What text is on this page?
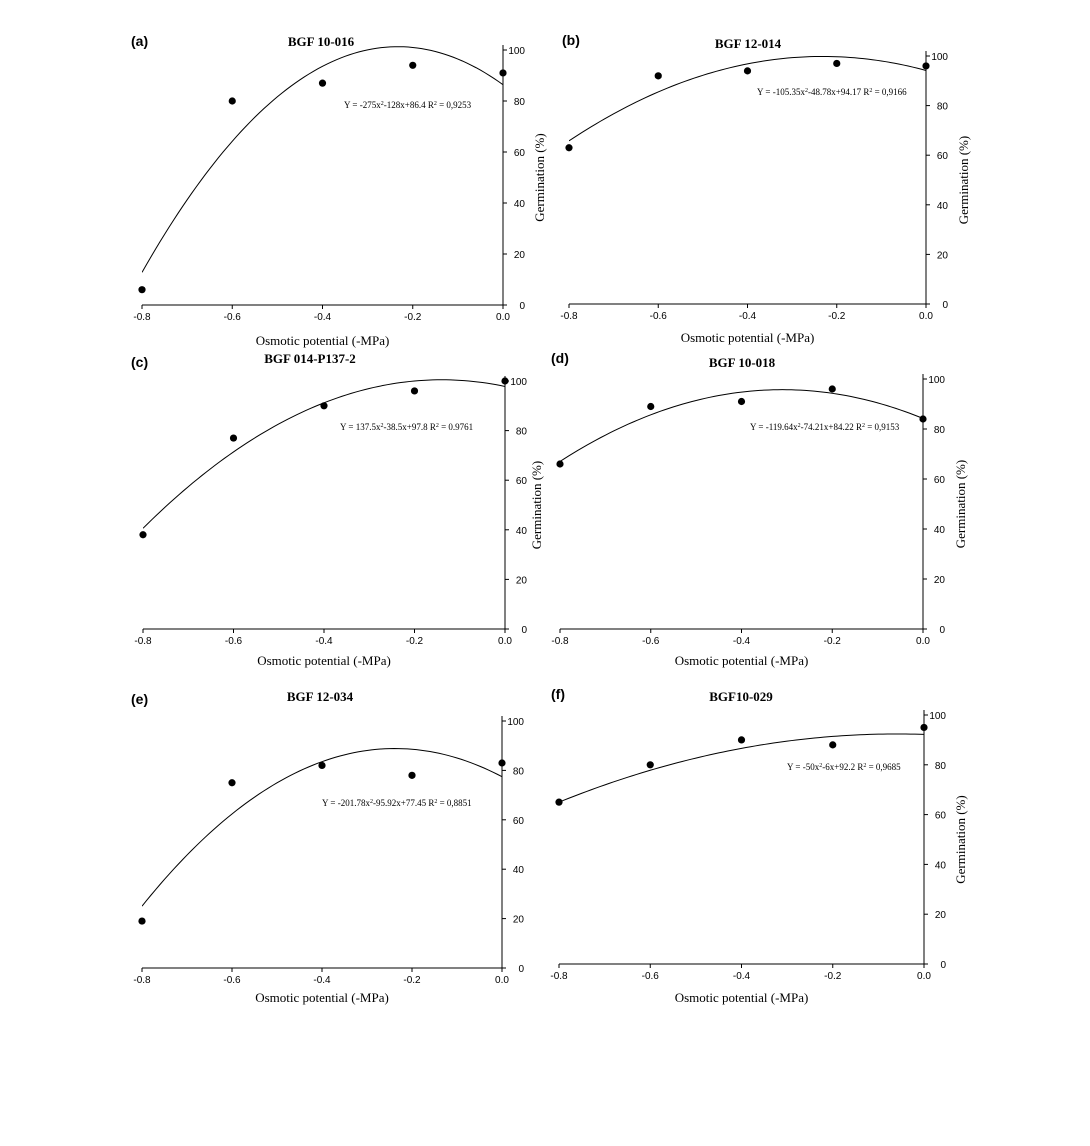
(a)	BGF 10-016
-0.8	-0.6	-0.4	-0.2	0.0
0
20
40
60
80
100
Osmotic potential (-MPa)
Germination (%)
$Y = -275x^2-128x+86.4$ $R^2 = 0,9253$
(b)	BGF 12-014
-0.8	-0.6	-0.4	-0.2	0.0
0
20
40
60
80
100
Osmotic potential (-MPa)
Germination (%)
$Y = -105.35x^2-48.78x+94.17$ $R^2 = 0,9166$
(c)	BGF 014-P137-2
-0.8	-0.6	-0.4	-0.2	0.0
0
20
40
60
80
100
Osmotic potential (-MPa)
Germination (%)
$Y = 137.5x^2-38.5x+97.8$ $R^2 = 0.9761$
(d)	BGF 10-018
-0.8	-0.6	-0.4	-0.2	0.0
0
20
40
60
80
100
Osmotic potential (-MPa)
Germination (%)
$Y = -119.64x^2-74.21x+84.22$ $R^2 = 0,9153$
(e)	BGF 12-034
-0.8	-0.6	-0.4	-0.2	0.0
0
20
40
60
80
100
Osmotic potential (-MPa)
$Y = -201.78x^2-95.92x+77.45$ $R^2 = 0,8851$
(f)	BGF10-029
-0.8	-0.6	-0.4	-0.2	0.0
0
20
40
60
80
100
Osmotic potential (-MPa)
Germination (%)
$Y = -50x^2-6x+92.2$ $R^2 = 0,9685$
